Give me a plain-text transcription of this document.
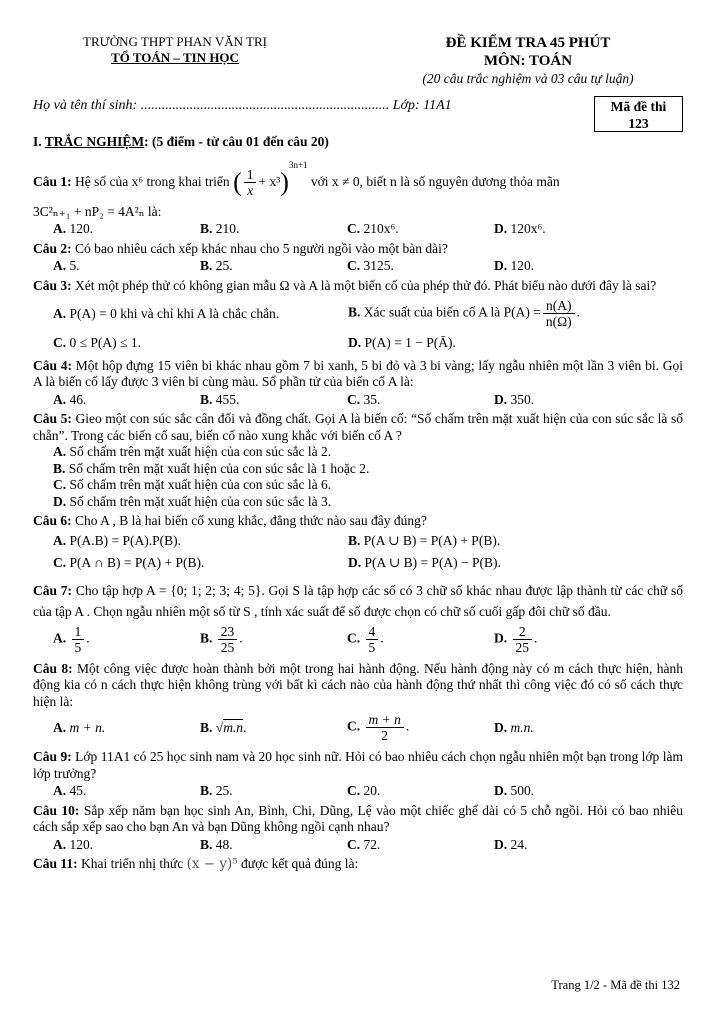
TRƯỜNG THPT PHAN VĂN TRỊ
TỔ TOÁN – TIN HỌC
ĐỀ KIỂM TRA 45 PHÚT
MÔN: TOÁN
(20 câu trắc nghiệm và 03 câu tự luận)
Họ và tên thí sinh: ....................................................................... Lớp: 11A1	Mã đề thi
123
I. TRẮC NGHIỆM: (5 điểm - từ câu 01 đến câu 20)
Câu 1: Hệ số của x⁶ trong khai triển ( $\frac{1}{x} + x^3)^{3n+1}$ với x ≠ 0, biết n là số nguyên dương thỏa mãn
3C²ₙ₊₁ + nP₂ = 4A²ₙ là:
A. 120.	B. 210.	C. 210x⁶.	D. 120x⁶.
Câu 2: Có bao nhiêu cách xếp khác nhau cho 5 người ngồi vào một bàn dài?
A. 5.	B. 25.	C. 3125.	D. 120.
Câu 3: Xét một phép thử có không gian mẫu Ω và A là một biến cố của phép thử đó. Phát biểu nào dưới đây là sai?
A. P(A) = 0 khi và chỉ khi A là chắc chắn.	B. Xác suất của biến cố A là $P(A) = \frac{n(A)}{n(\Omega)}$ .
C. 0 ≤ P(A) ≤ 1.	D. P(A) = 1 − P(Ā).
Câu 4: Một hộp đựng 15 viên bi khác nhau gồm 7 bi xanh, 5 bi đỏ và 3 bi vàng; lấy ngẫu nhiên một lần 3 viên bi. Gọi A là biến cố lấy được 3 viên bi cùng màu. Số phần tử của biến cố A là:
A. 46.	B. 455.	C. 35.	D. 350.
Câu 5: Gieo một con súc sắc cân đối và đồng chất. Gọi A là biến cố: “Số chấm trên mặt xuất hiện của con súc sắc là số chẵn”. Trong các biến cố sau, biến cố nào xung khắc với biến cố A ?
A. Số chấm trên mặt xuất hiện của con súc sắc là 2.
B. Số chấm trên mặt xuất hiện của con súc sắc là 1 hoặc 2.
C. Số chấm trên mặt xuất hiện của con súc sắc là 6.
D. Số chấm trên mặt xuất hiện của con súc sắc là 3.
Câu 6: Cho A , B là hai biến cố xung khắc, đẳng thức nào sau đây đúng?
A. P(A.B) = P(A).P(B).	B. P(A ∪ B) = P(A) + P(B).
C. P(A ∩ B) = P(A) + P(B).	D. P(A ∪ B) = P(A) − P(B).
Câu 7: Cho tập hợp A = {0; 1; 2; 3; 4; 5}. Gọi S là tập hợp các số có 3 chữ số khác nhau được lập thành từ các chữ số của tập A . Chọn ngẫu nhiên một số từ S , tính xác suất để số được chọn có chữ số cuối gấp đôi chữ số đầu.
A. $\frac{1}{5}$ .	B. $\frac{23}{25}$ .	C. $\frac{4}{5}$ .	D. $\frac{2}{25}$ .
Câu 8: Một công việc được hoàn thành bởi một trong hai hành động. Nếu hành động này có m cách thực hiện, hành động kia có n cách thực hiện không trùng với bất kì cách nào của hành động thứ nhất thì công việc đó có số cách thực hiện là:
A. m + n.	B. √m.n.	C. $\frac{m + n}{2}$ .	D. m.n.
Câu 9: Lớp 11A1 có 25 học sinh nam và 20 học sinh nữ. Hỏi có bao nhiêu cách chọn ngẫu nhiên một bạn trong lớp làm lớp trưởng?
A. 45.	B. 25.	C. 20.	D. 500.
Câu 10: Sắp xếp năm bạn học sinh An, Bình, Chi, Dũng, Lệ vào một chiếc ghế dài có 5 chỗ ngồi. Hỏi có bao nhiêu cách sắp xếp sao cho bạn An và bạn Dũng không ngồi cạnh nhau?
A. 120.	B. 48.	C. 72.	D. 24.
Câu 11: Khai triển nhị thức (x − y)⁵ được kết quả đúng là:
Trang 1/2 - Mã đề thi 132
